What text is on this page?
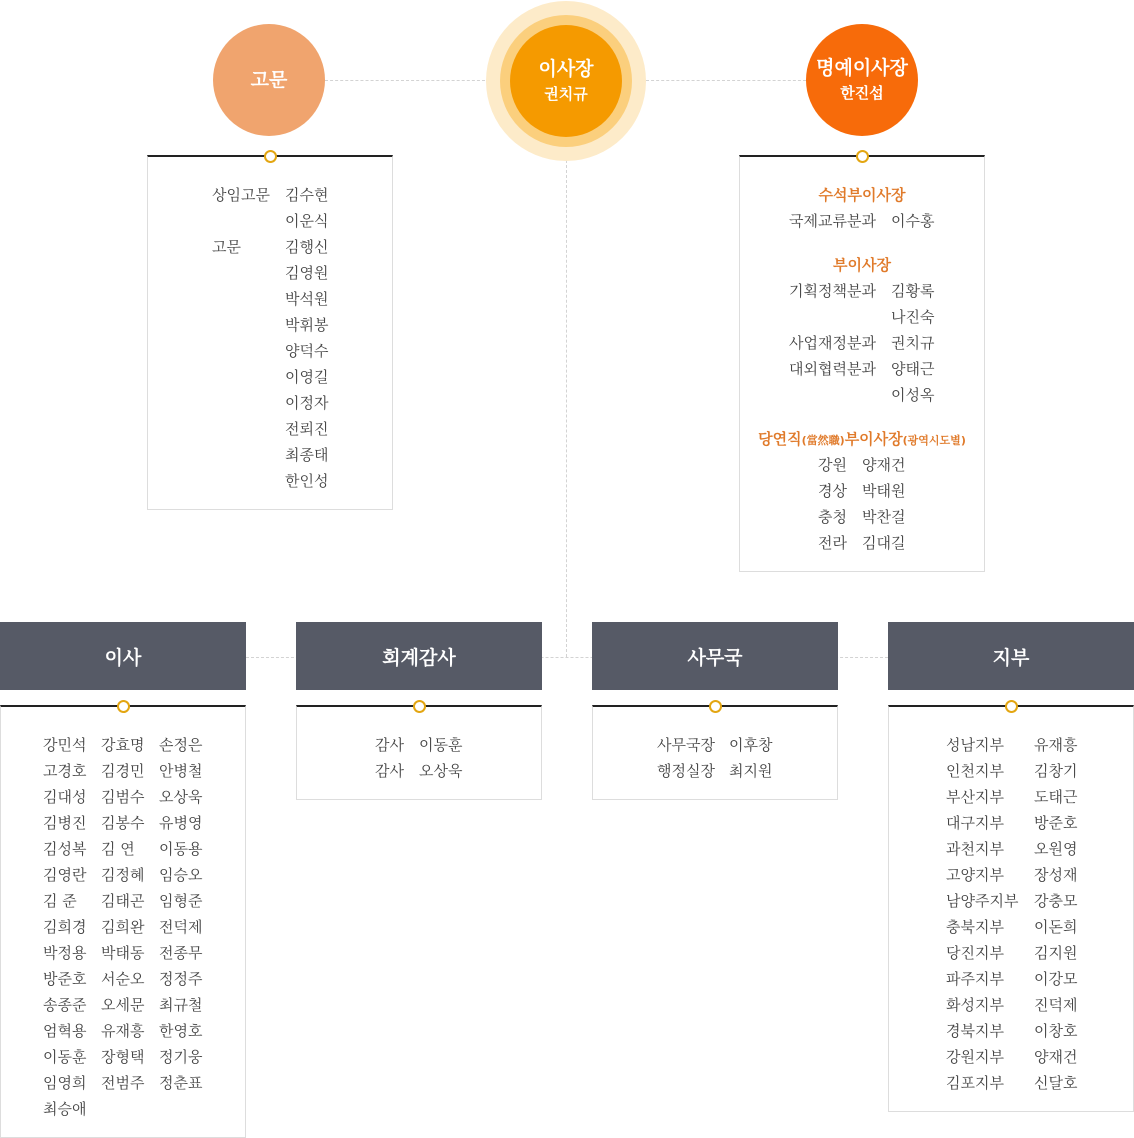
고문	이사장
권치규
명예이사장
한진섭
상임고문	김수현
이운식
고문	김행신
김영원
박석원
박휘봉
양덕수
이영길
이정자
전뢰진
최종태
한인성
수석부이사장
국제교류분과	이수홍
부이사장
기획정책분과	김황록
나진숙
사업재정분과	권치규
대외협력분과	양태근
이성옥
당연직(當然職)부이사장(광역시도별)
강원	양재건
경상	박태원
충청	박찬걸
전라	김대길
이사	회계감사	사무국	지부
강민석 강효명 손정은
고경호 김경민 안병철
김대성 김범수 오상욱
김병진 김봉수 유병영
김성복 김 연	이동용
김영란 김정혜 임승오
김 준	김태곤 임형준
김희경 김희완 전덕제
박정용 박태동 전종무
방준호 서순오 정정주
송종준 오세문 최규철
엄혁용 유재흥 한영호
이동훈 장형택 정기웅
임영희 전범주 정춘표
최승애
감사	이동훈
감사	오상욱
사무국장 이후창
행정실장 최지원
성남지부	유재흥
인천지부	김창기
부산지부	도태근
대구지부	방준호
과천지부	오원영
고양지부	장성재
남양주지부	강충모
충북지부	이돈희
당진지부	김지원
파주지부	이강모
화성지부	진덕제
경북지부	이창호
강원지부	양재건
김포지부	신달호
